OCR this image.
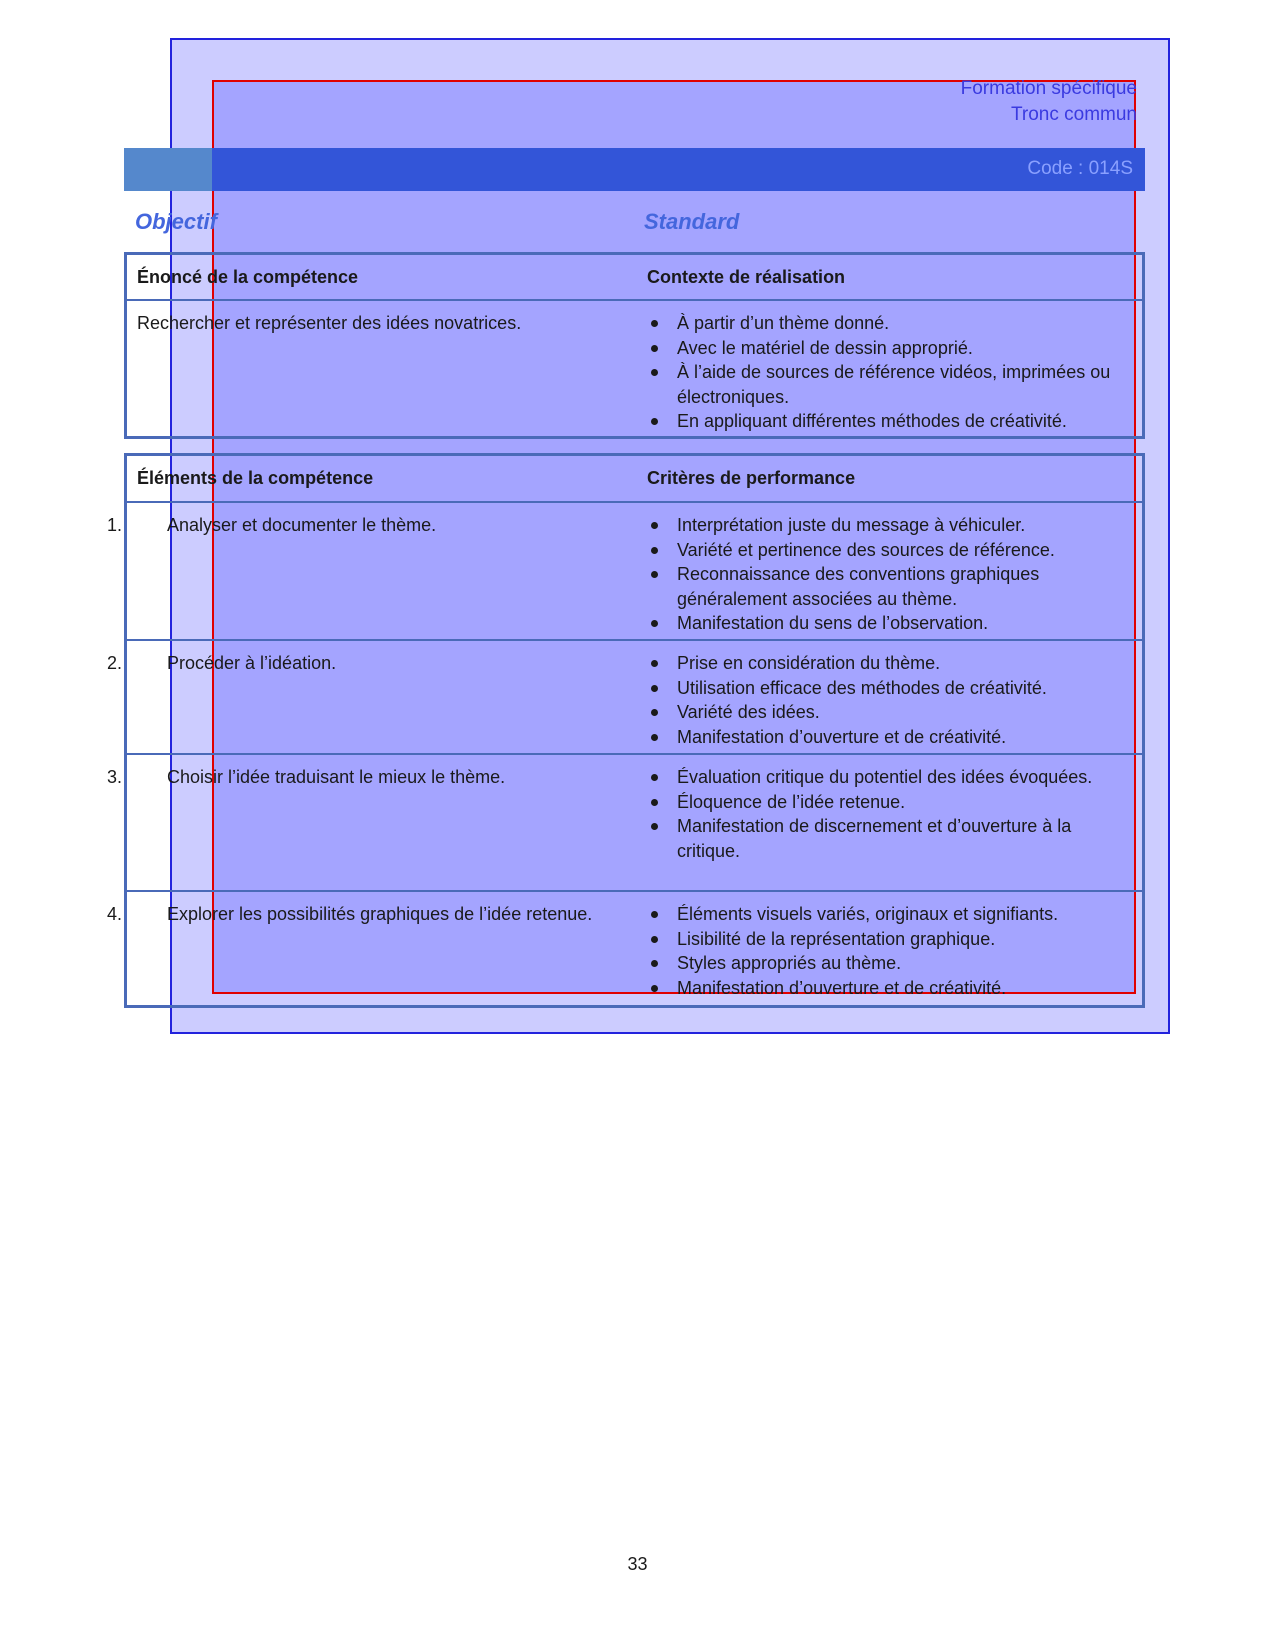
Formation spécifique
Tronc commun
Code : 014S
Objectif	Standard
Énoncé de la compétence	Contexte de réalisation
Rechercher et représenter des idées novatrices.	À partir d’un thème donné.
Avec le matériel de dessin approprié.
À l’aide de sources de référence vidéos, imprimées ou électroniques.
En appliquant différentes méthodes de créativité.
Éléments de la compétence	Critères de performance
1. Analyser et documenter le thème.	Interprétation juste du message à véhiculer.
Variété et pertinence des sources de référence.
Reconnaissance des conventions graphiques généralement associées au thème.
Manifestation du sens de l’observation.
2. Procéder à l’idéation.	Prise en considération du thème.
Utilisation efficace des méthodes de créativité.
Variété des idées.
Manifestation d’ouverture et de créativité.
3. Choisir l’idée traduisant le mieux le thème.	Évaluation critique du potentiel des idées évoquées.
Éloquence de l’idée retenue.
Manifestation de discernement et d’ouverture à la critique.
4. Explorer les possibilités graphiques de l’idée retenue.	Éléments visuels variés, originaux et signifiants.
Lisibilité de la représentation graphique.
Styles appropriés au thème.
Manifestation d’ouverture et de créativité.
33
